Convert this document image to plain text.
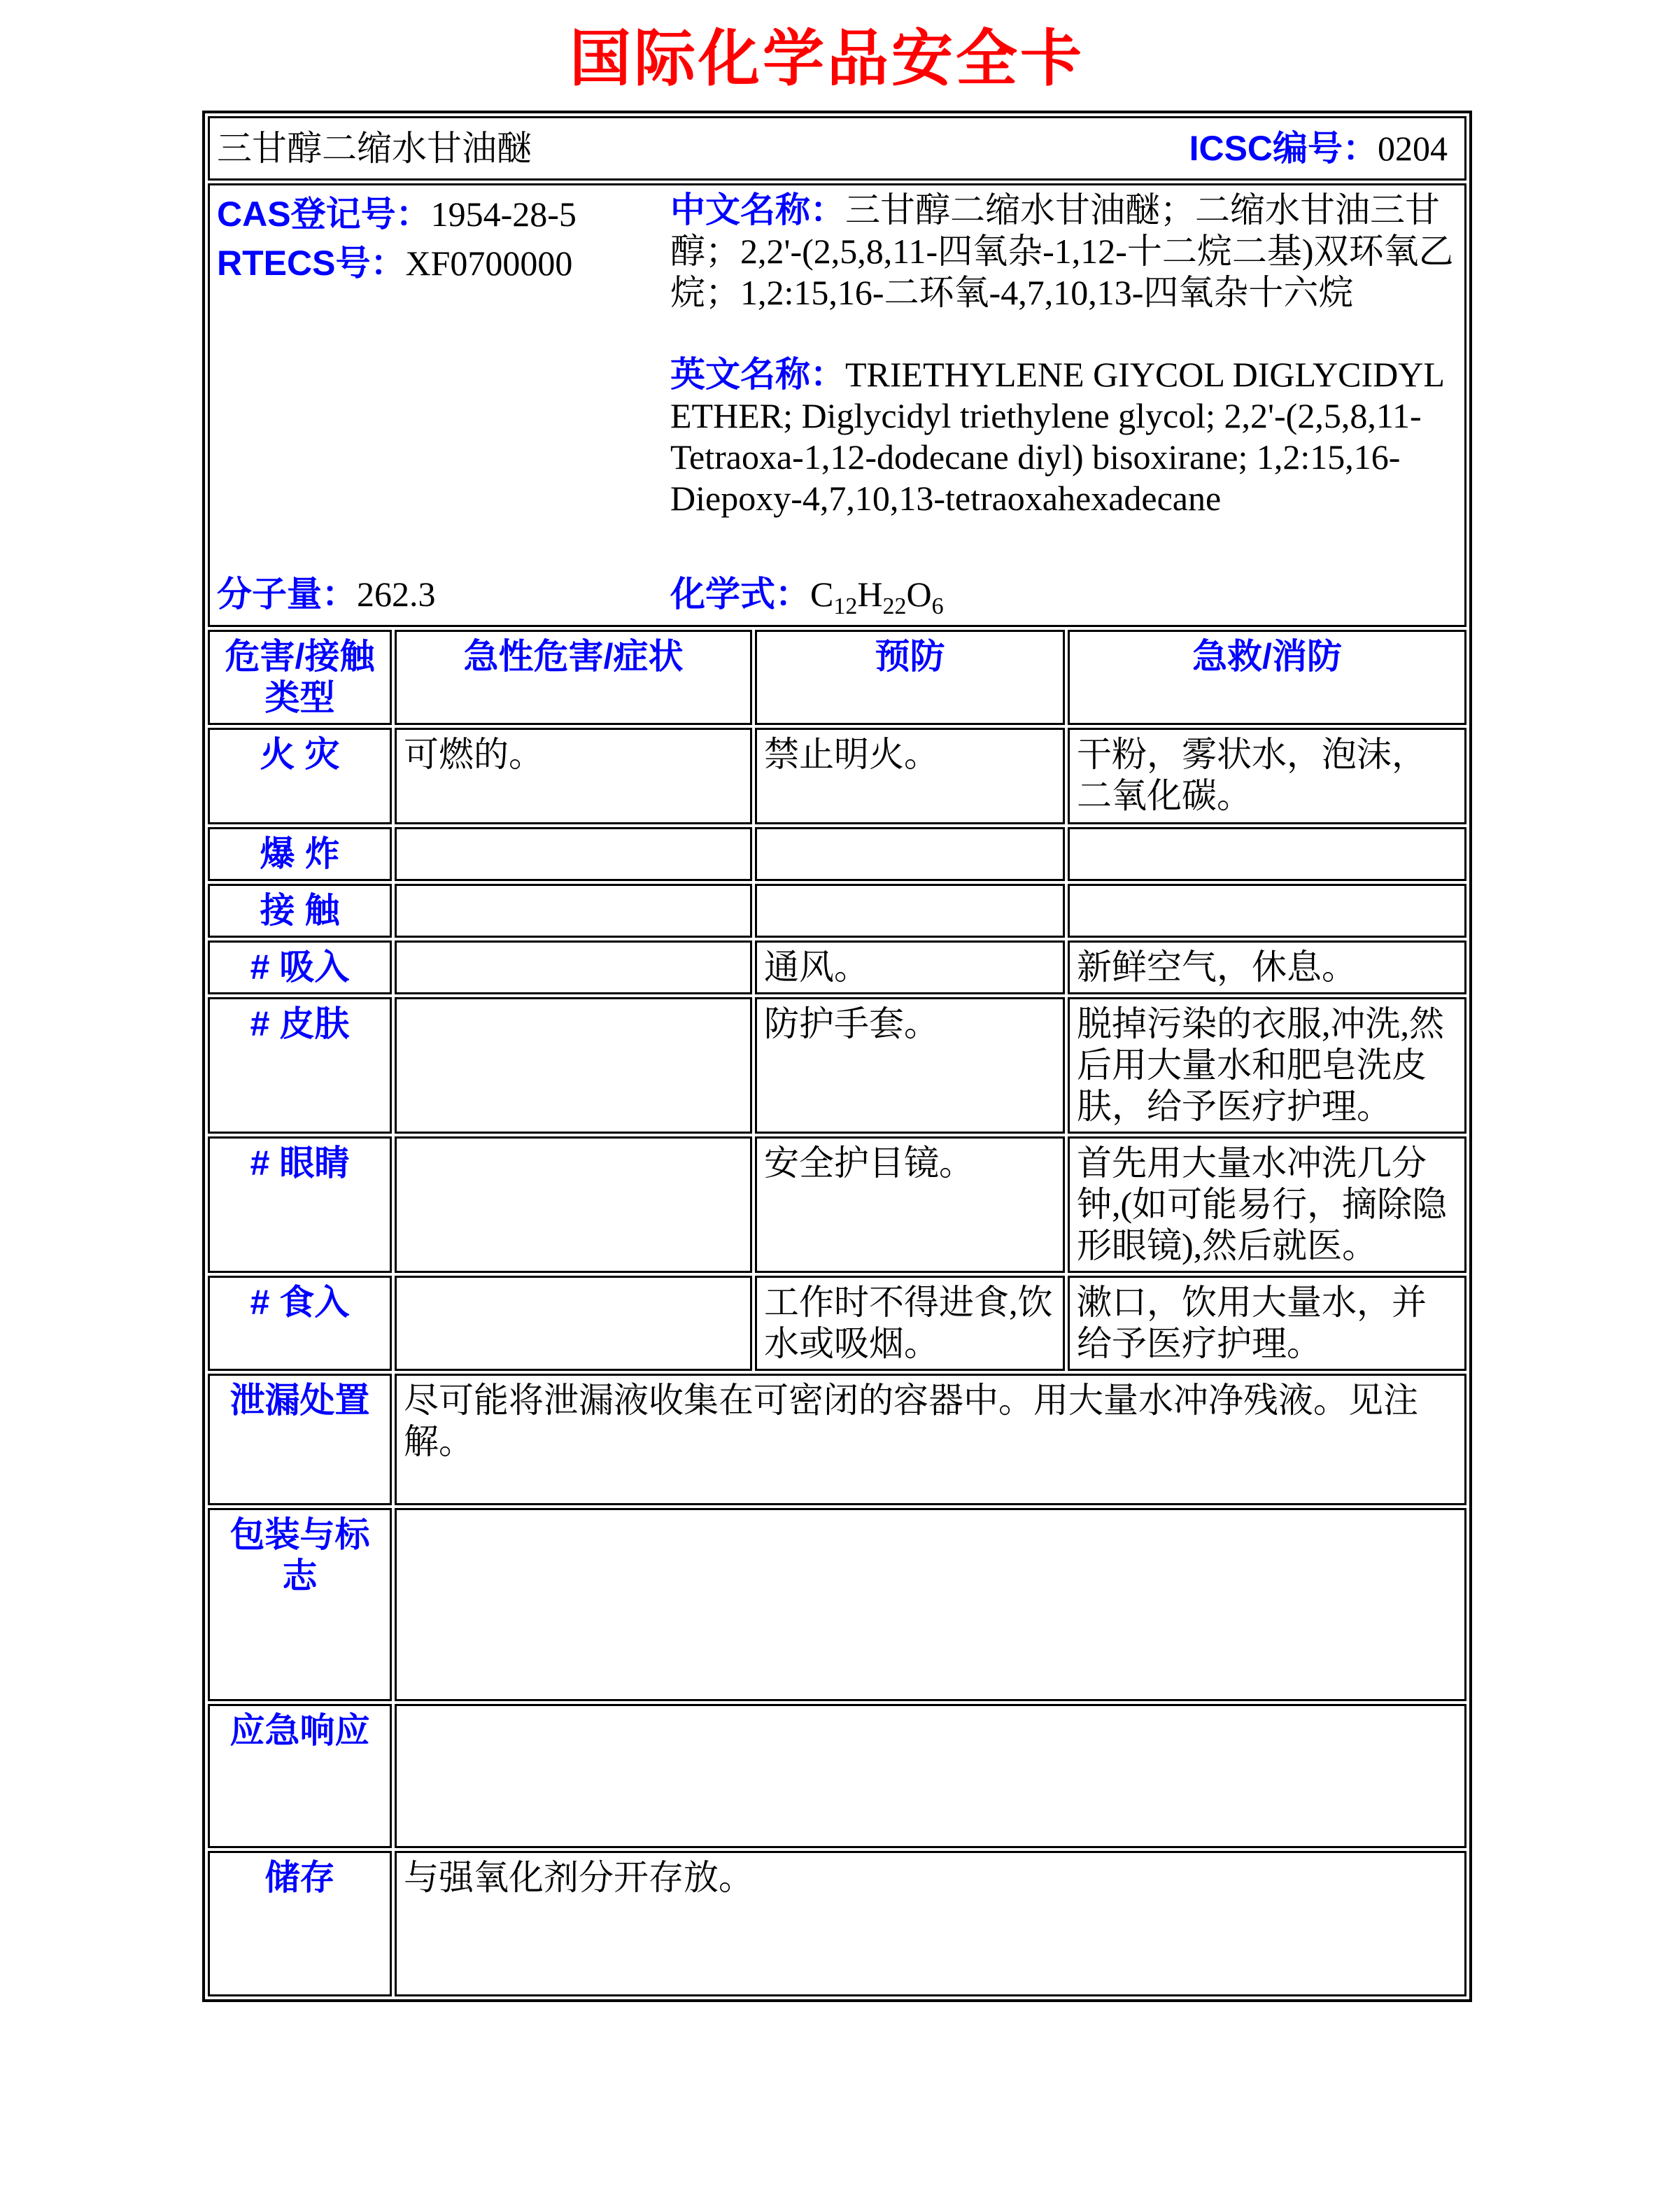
国际化学品安全卡
三甘醇二缩水甘油醚 ICSC编号：0204			

CAS登记号：1954-28-5
RTECS号：XF0700000

中文名称：三甘醇二缩水甘油醚；二缩水甘油三甘醇；2,2'-(2,5,8,11-四氧杂-1,12-十二烷二基)双环氧乙烷；1,2:15,16-二环氧-4,7,10,13-四氧杂十六烷

英文名称：TRIETHYLENE GIYCOL DIGLYCIDYL ETHER; Diglycidyl triethylene glycol; 2,2'-(2,5,8,11-Tetraoxa-1,12-dodecane diyl) bisoxirane; 1,2:15,16-Diepoxy-4,7,10,13-tetraoxahexadecane

分子量：262.3	化学式：$C_{12}H_{22}O_6$

危害/接触类型	急性危害/症状	预防	急救/消防
火 灾	可燃的。	禁止明火。	干粉，雾状水，泡沫，二氧化碳。
爆 炸			
接 触			
# 吸入		通风。	新鲜空气，休息。
# 皮肤		防护手套。	脱掉污染的衣服,冲洗,然后用大量水和肥皂洗皮肤，给予医疗护理。
# 眼睛		安全护目镜。	首先用大量水冲洗几分钟,(如可能易行，摘除隐形眼镜),然后就医。
# 食入		工作时不得进食,饮水或吸烟。	漱口，饮用大量水，并给予医疗护理。
泄漏处置	尽可能将泄漏液收集在可密闭的容器中。用大量水冲净残液。见注解。		
包装与标志			
应急响应			
储存	与强氧化剂分开存放。		
